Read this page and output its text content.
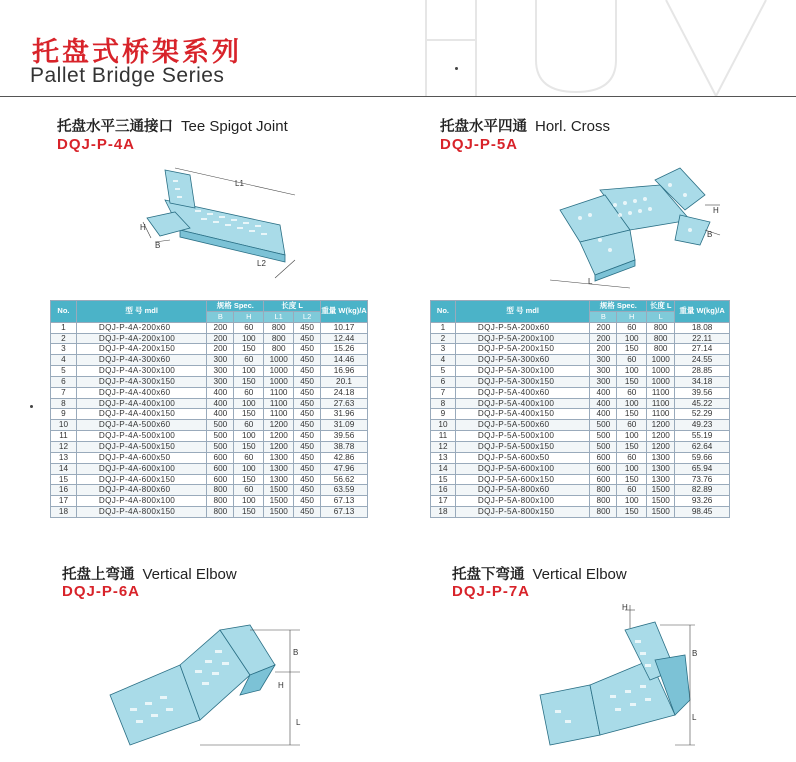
托盘式桥架系列
Pallet Bridge Series
托盘水平三通接口 Tee Spigot Joint
DQJ-P-4A
L1
H
B
L2
No.	型 号 mdl	规格 Spec.		长度 L		重量 W(kg)/A
		B	H	L1	L2	
1	DQJ-P-4A-200x60	200	60	800	450	10.17
2	DQJ-P-4A-200x100	200	100	800	450	12.44
3	DQJ-P-4A-200x150	200	150	800	450	15.26
4	DQJ-P-4A-300x60	300	60	1000	450	14.46
5	DQJ-P-4A-300x100	300	100	1000	450	16.96
6	DQJ-P-4A-300x150	300	150	1000	450	20.1
7	DQJ-P-4A-400x60	400	60	1100	450	24.18
8	DQJ-P-4A-400x100	400	100	1100	450	27.63
9	DQJ-P-4A-400x150	400	150	1100	450	31.96
10	DQJ-P-4A-500x60	500	60	1200	450	31.09
11	DQJ-P-4A-500x100	500	100	1200	450	39.56
12	DQJ-P-4A-500x150	500	150	1200	450	38.78
13	DQJ-P-4A-600x50	600	60	1300	450	42.86
14	DQJ-P-4A-600x100	600	100	1300	450	47.96
15	DQJ-P-4A-600x150	600	150	1300	450	56.62
16	DQJ-P-4A-800x60	800	60	1500	450	63.59
17	DQJ-P-4A-800x100	800	100	1500	450	67.13
18	DQJ-P-4A-800x150	800	150	1500	450	67.13
托盘水平四通 Horl. Cross
DQJ-P-5A
H
B
L
No.	型 号 mdl	规格 Spec.		长度 L	重量 W(kg)/A
		B	H	L	
1	DQJ-P-5A-200x60	200	60	800	18.08
2	DQJ-P-5A-200x100	200	100	800	22.11
3	DQJ-P-5A-200x150	200	150	800	27.14
4	DQJ-P-5A-300x60	300	60	1000	24.55
5	DQJ-P-5A-300x100	300	100	1000	28.85
6	DQJ-P-5A-300x150	300	150	1000	34.18
7	DQJ-P-5A-400x60	400	60	1100	39.56
8	DQJ-P-5A-400x100	400	100	1100	45.22
9	DQJ-P-5A-400x150	400	150	1100	52.29
10	DQJ-P-5A-500x60	500	60	1200	49.23
11	DQJ-P-5A-500x100	500	100	1200	55.19
12	DQJ-P-5A-500x150	500	150	1200	62.64
13	DQJ-P-5A-600x50	600	60	1300	59.66
14	DQJ-P-5A-600x100	600	100	1300	65.94
15	DQJ-P-5A-600x150	600	150	1300	73.76
16	DQJ-P-5A-800x60	800	60	1500	82.89
17	DQJ-P-5A-800x100	800	100	1500	93.26
18	DQJ-P-5A-800x150	800	150	1500	98.45
托盘上弯通 Vertical Elbow
DQJ-P-6A
B
H
L
托盘下弯通 Vertical Elbow
DQJ-P-7A
H
B
L
